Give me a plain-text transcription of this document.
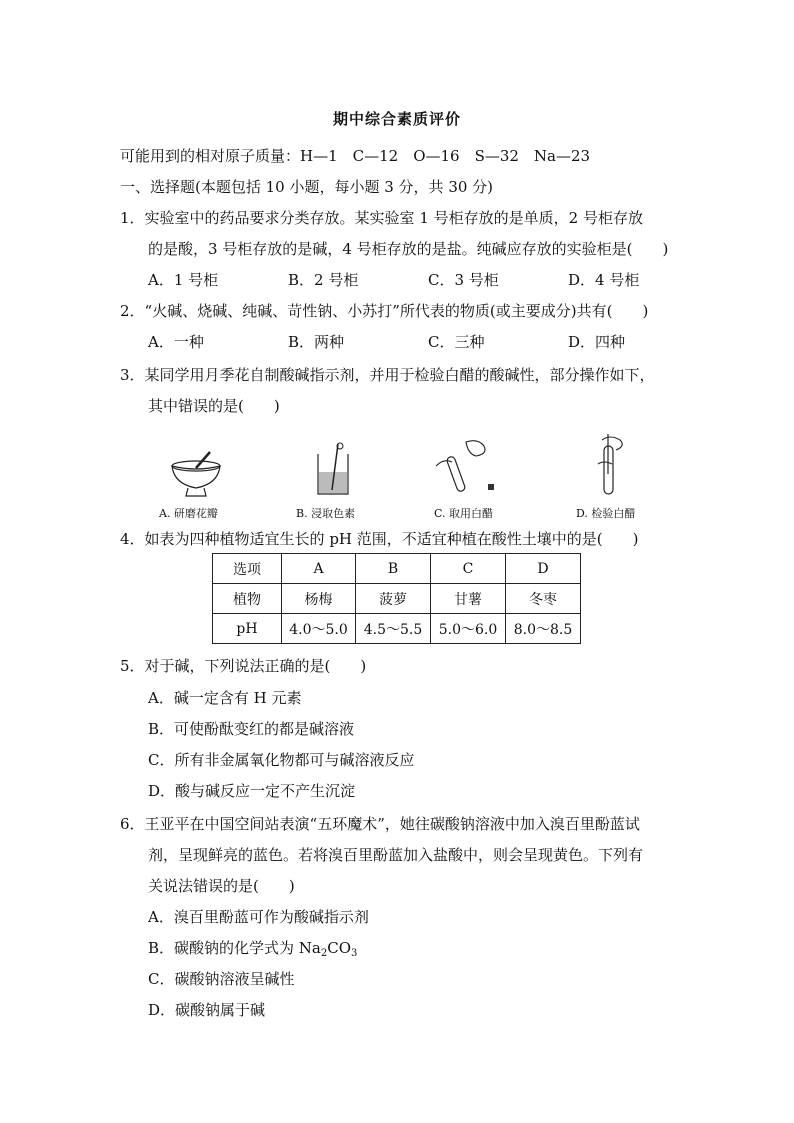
期中综合素质评价
可能用到的相对原子质量：H—1　C—12　O—16　S—32　Na—23
一、选择题(本题包括 10 小题，每小题 3 分，共 30 分)
1．实验室中的药品要求分类存放。某实验室 1 号柜存放的是单质，2 号柜存放
的是酸，3 号柜存放的是碱，4 号柜存放的是盐。纯碱应存放的实验柜是(　　)
A．1 号柜	B．2 号柜	C．3 号柜	D．4 号柜
2．“火碱、烧碱、纯碱、苛性钠、小苏打”所代表的物质(或主要成分)共有(　　)
A．一种	B．两种	C．三种	D．四种
3．某同学用月季花自制酸碱指示剂，并用于检验白醋的酸碱性，部分操作如下，
其中错误的是(　　)
A. 研磨花瓣	B. 浸取色素	C. 取用白醋	D. 检验白醋
4．如表为四种植物适宜生长的 pH 范围，不适宜种植在酸性土壤中的是(　　)
选项	A	B	C	D
植物	杨梅	菠萝	甘薯	冬枣
pH	4.0～5.0	4.5～5.5	5.0～6.0	8.0～8.5
5．对于碱，下列说法正确的是(　　)
A．碱一定含有 H 元素
B．可使酚酞变红的都是碱溶液
C．所有非金属氧化物都可与碱溶液反应
D．酸与碱反应一定不产生沉淀
6．王亚平在中国空间站表演“五环魔术”，她往碳酸钠溶液中加入溴百里酚蓝试
剂，呈现鲜亮的蓝色。若将溴百里酚蓝加入盐酸中，则会呈现黄色。下列有
关说法错误的是(　　)
A．溴百里酚蓝可作为酸碱指示剂
B．碳酸钠的化学式为 $Na_2CO_3$
C．碳酸钠溶液呈碱性
D．碳酸钠属于碱
